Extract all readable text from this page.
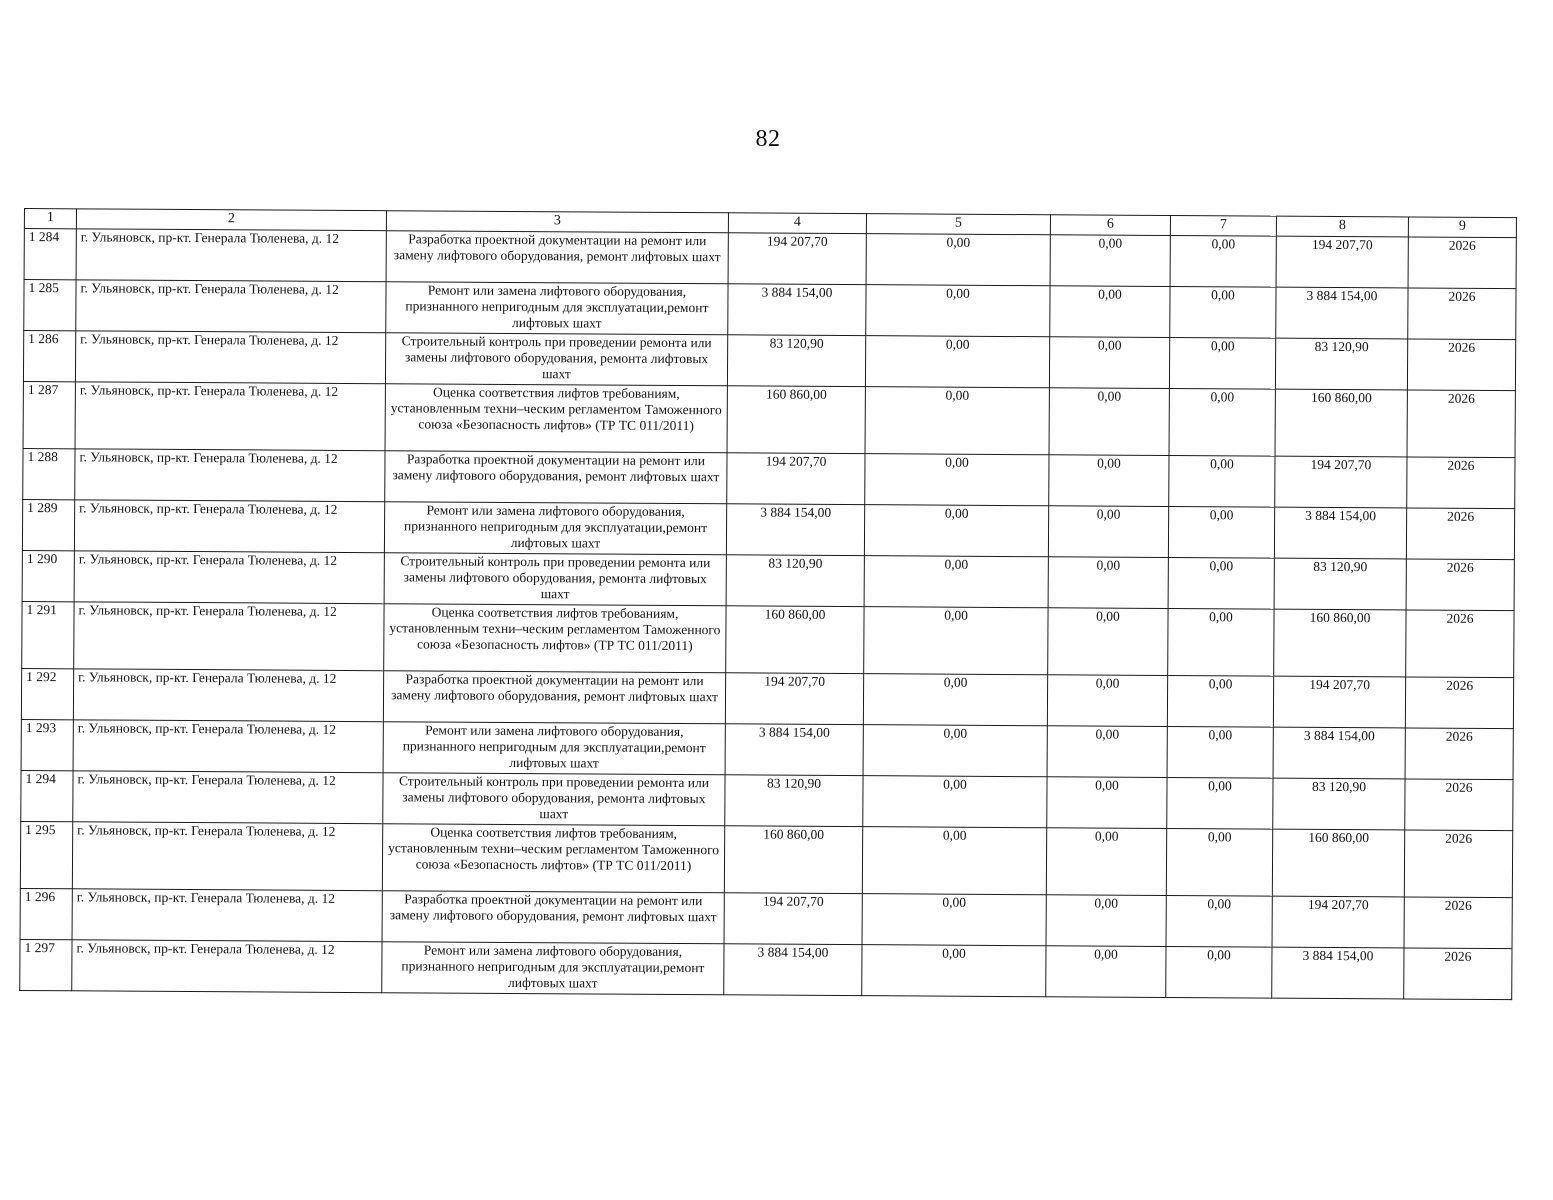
82
1	2	3	4	5	6	7	8	9
1 284	г. Ульяновск, пр-кт. Генерала Тюленева, д. 12	Разработка проектной документации на ремонт или замену лифтового оборудования, ремонт лифтовых шахт	194 207,70	0,00	0,00	0,00	194 207,70	2026
1 285	г. Ульяновск, пр-кт. Генерала Тюленева, д. 12	Ремонт или замена лифтового оборудования, признанного непригодным для эксплуатации,ремонт лифтовых шахт	3 884 154,00	0,00	0,00	0,00	3 884 154,00	2026
1 286	г. Ульяновск, пр-кт. Генерала Тюленева, д. 12	Строительный контроль при проведении ремонта или замены лифтового оборудования, ремонта лифтовых шахт	83 120,90	0,00	0,00	0,00	83 120,90	2026
1 287	г. Ульяновск, пр-кт. Генерала Тюленева, д. 12	Оценка соответствия лифтов требованиям, установленным техни–ческим регламентом Таможенного союза «Безопасность лифтов» (ТР ТС 011/2011)	160 860,00	0,00	0,00	0,00	160 860,00	2026
1 288	г. Ульяновск, пр-кт. Генерала Тюленева, д. 12	Разработка проектной документации на ремонт или замену лифтового оборудования, ремонт лифтовых шахт	194 207,70	0,00	0,00	0,00	194 207,70	2026
1 289	г. Ульяновск, пр-кт. Генерала Тюленева, д. 12	Ремонт или замена лифтового оборудования, признанного непригодным для эксплуатации,ремонт лифтовых шахт	3 884 154,00	0,00	0,00	0,00	3 884 154,00	2026
1 290	г. Ульяновск, пр-кт. Генерала Тюленева, д. 12	Строительный контроль при проведении ремонта или замены лифтового оборудования, ремонта лифтовых шахт	83 120,90	0,00	0,00	0,00	83 120,90	2026
1 291	г. Ульяновск, пр-кт. Генерала Тюленева, д. 12	Оценка соответствия лифтов требованиям, установленным техни–ческим регламентом Таможенного союза «Безопасность лифтов» (ТР ТС 011/2011)	160 860,00	0,00	0,00	0,00	160 860,00	2026
1 292	г. Ульяновск, пр-кт. Генерала Тюленева, д. 12	Разработка проектной документации на ремонт или замену лифтового оборудования, ремонт лифтовых шахт	194 207,70	0,00	0,00	0,00	194 207,70	2026
1 293	г. Ульяновск, пр-кт. Генерала Тюленева, д. 12	Ремонт или замена лифтового оборудования, признанного непригодным для эксплуатации,ремонт лифтовых шахт	3 884 154,00	0,00	0,00	0,00	3 884 154,00	2026
1 294	г. Ульяновск, пр-кт. Генерала Тюленева, д. 12	Строительный контроль при проведении ремонта или замены лифтового оборудования, ремонта лифтовых шахт	83 120,90	0,00	0,00	0,00	83 120,90	2026
1 295	г. Ульяновск, пр-кт. Генерала Тюленева, д. 12	Оценка соответствия лифтов требованиям, установленным техни–ческим регламентом Таможенного союза «Безопасность лифтов» (ТР ТС 011/2011)	160 860,00	0,00	0,00	0,00	160 860,00	2026
1 296	г. Ульяновск, пр-кт. Генерала Тюленева, д. 12	Разработка проектной документации на ремонт или замену лифтового оборудования, ремонт лифтовых шахт	194 207,70	0,00	0,00	0,00	194 207,70	2026
1 297	г. Ульяновск, пр-кт. Генерала Тюленева, д. 12	Ремонт или замена лифтового оборудования, признанного непригодным для эксплуатации,ремонт лифтовых шахт	3 884 154,00	0,00	0,00	0,00	3 884 154,00	2026
